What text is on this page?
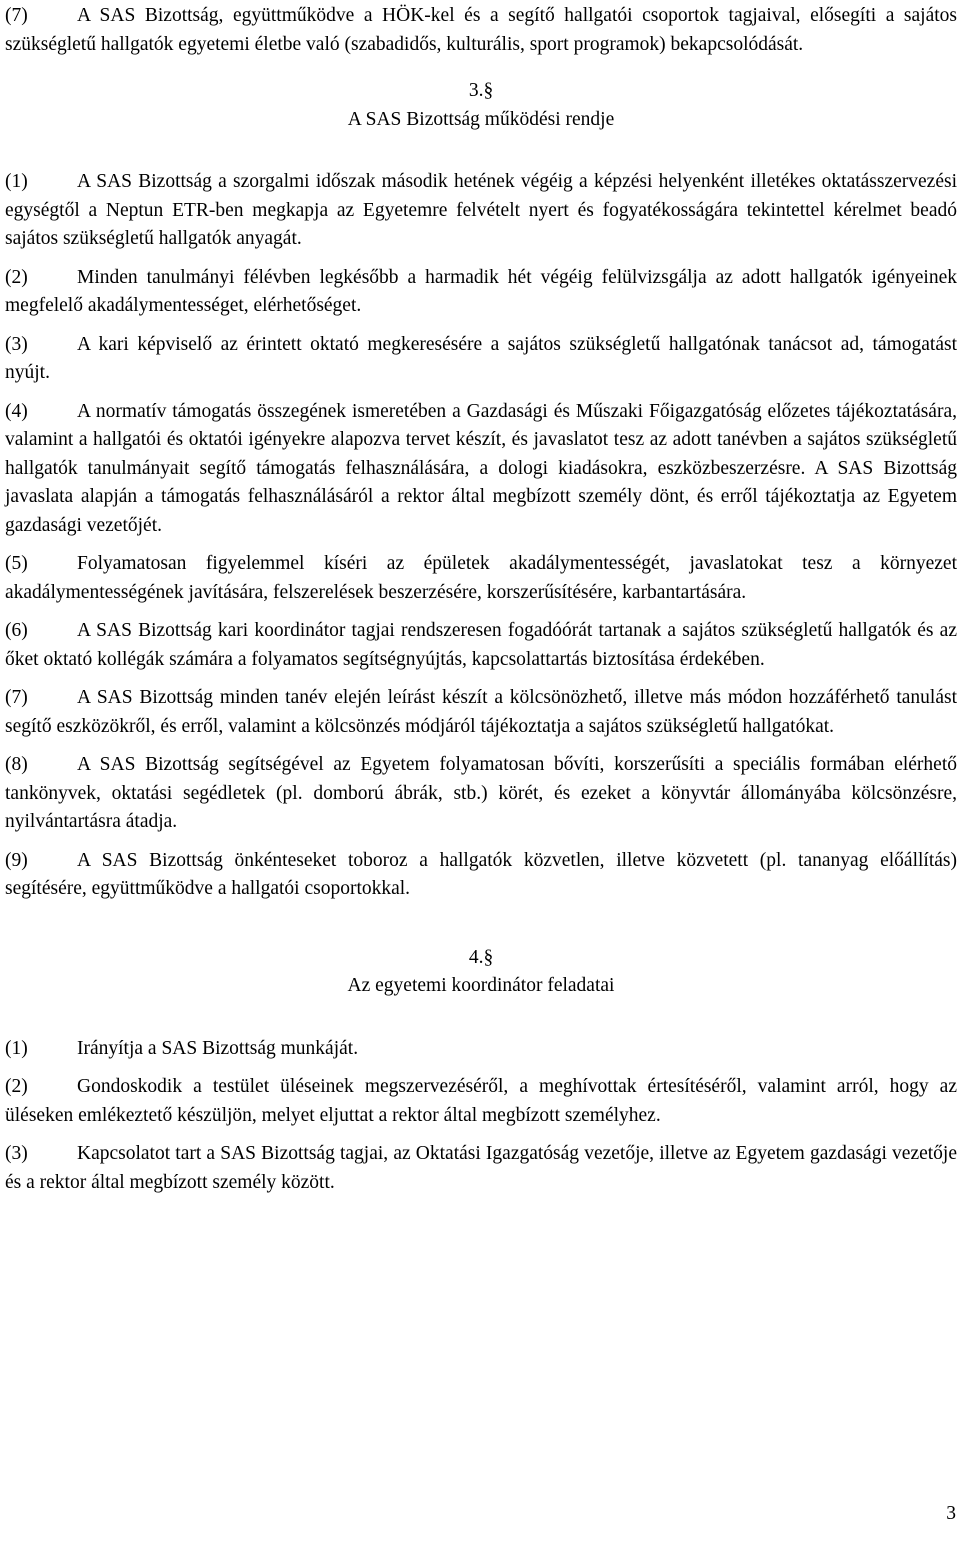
(7)	A SAS Bizottság, együttműködve a HÖK-kel és a segítő hallgatói csoportok tagjaival, elősegíti a sajátos szükségletű hallgatók egyetemi életbe való (szabadidős, kulturális, sport programok) bekapcsolódását.

3.§

A SAS Bizottság működési rendje

(1)	A SAS Bizottság a szorgalmi időszak második hetének végéig a képzési helyenként illetékes oktatásszervezési egységtől a Neptun ETR-ben megkapja az Egyetemre felvételt nyert és fogyatékosságára tekintettel kérelmet beadó sajátos szükségletű hallgatók anyagát.

(2)	Minden tanulmányi félévben legkésőbb a harmadik hét végéig felülvizsgálja az adott hallgatók igényeinek megfelelő akadálymentességet, elérhetőséget.

(3)	A kari képviselő az érintett oktató megkeresésére a sajátos szükségletű hallgatónak tanácsot ad, támogatást nyújt.

(4)	A normatív támogatás összegének ismeretében a Gazdasági és Műszaki Főigazgatóság előzetes tájékoztatására, valamint a hallgatói és oktatói igényekre alapozva tervet készít, és javaslatot tesz az adott tanévben a sajátos szükségletű hallgatók tanulmányait segítő támogatás felhasználására, a dologi kiadásokra, eszközbeszerzésre. A SAS Bizottság javaslata alapján a támogatás felhasználásáról a rektor által megbízott személy dönt, és erről tájékoztatja az Egyetem gazdasági vezetőjét.

(5)	Folyamatosan figyelemmel kíséri az épületek akadálymentességét, javaslatokat tesz a környezet akadálymentességének javítására, felszerelések beszerzésére, korszerűsítésére, karbantartására.

(6)	A SAS Bizottság kari koordinátor tagjai rendszeresen fogadóórát tartanak a sajátos szükségletű hallgatók és az őket oktató kollégák számára a folyamatos segítségnyújtás, kapcsolattartás biztosítása érdekében.

(7)	A SAS Bizottság minden tanév elején leírást készít a kölcsönözhető, illetve más módon hozzáférhető tanulást segítő eszközökről, és erről, valamint a kölcsönzés módjáról tájékoztatja a sajátos szükségletű hallgatókat.

(8)	A SAS Bizottság segítségével az Egyetem folyamatosan bővíti, korszerűsíti a speciális formában elérhető tankönyvek, oktatási segédletek (pl. domború ábrák, stb.) körét, és ezeket a könyvtár állományába kölcsönzésre, nyilvántartásra átadja.

(9)	A SAS Bizottság önkénteseket toboroz a hallgatók közvetlen, illetve közvetett (pl. tananyag előállítás) segítésére, együttműködve a hallgatói csoportokkal.

4.§

Az egyetemi koordinátor feladatai

(1)	Irányítja a SAS Bizottság munkáját.

(2)	Gondoskodik a testület üléseinek megszervezéséről, a meghívottak értesítéséről, valamint arról, hogy az üléseken emlékeztető készüljön, melyet eljuttat a rektor által megbízott személyhez.

(3)	Kapcsolatot tart a SAS Bizottság tagjai, az Oktatási Igazgatóság vezetője, illetve az Egyetem gazdasági vezetője és a rektor által megbízott személy között.

3
